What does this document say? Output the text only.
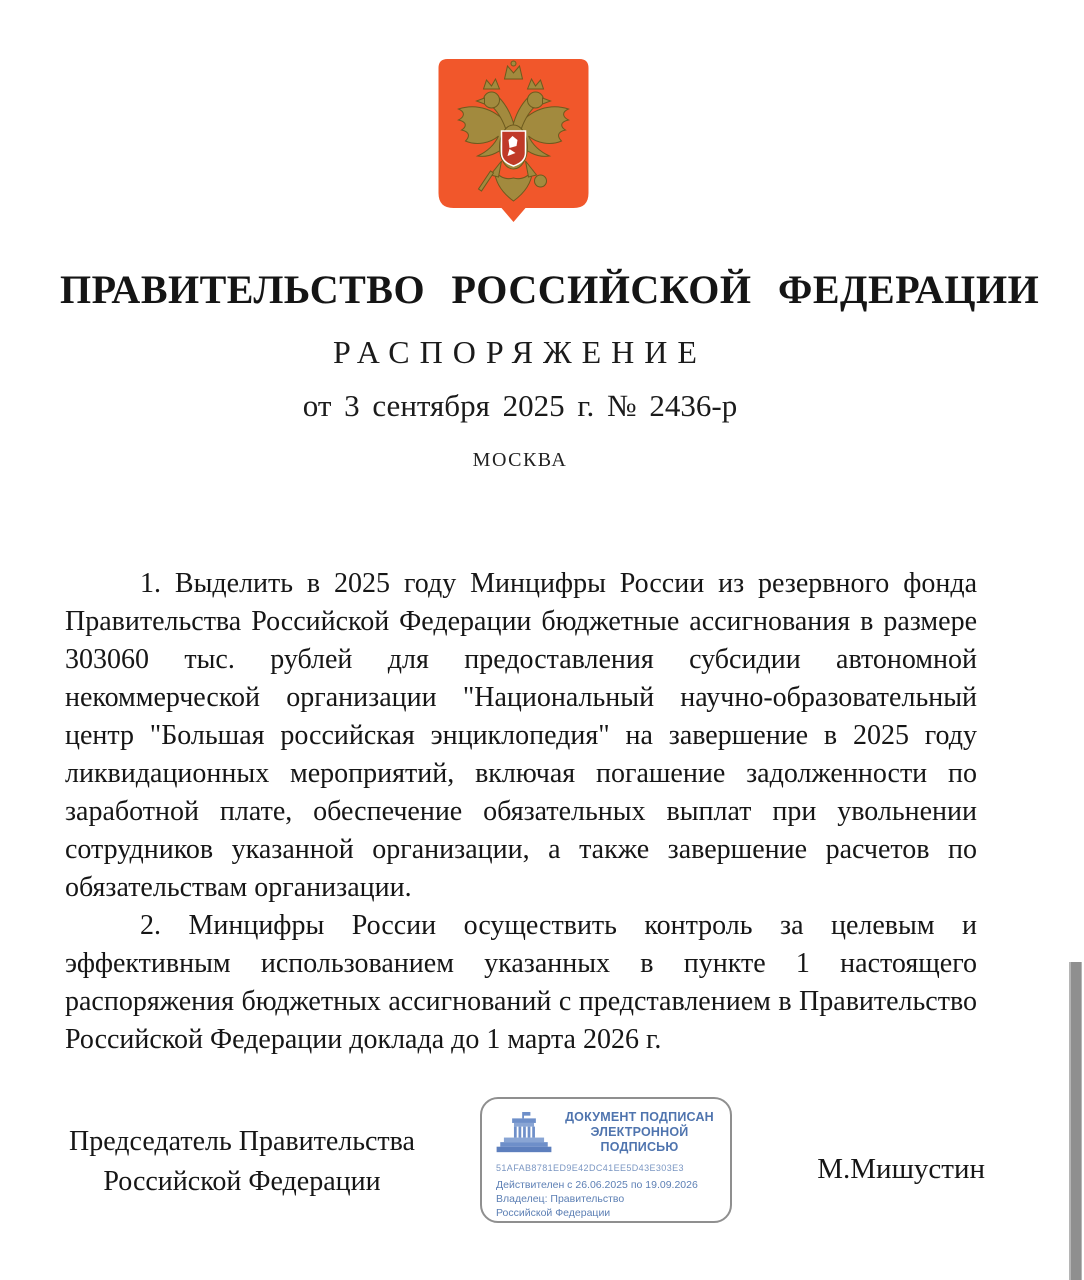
ПРАВИТЕЛЬСТВО РОССИЙСКОЙ ФЕДЕРАЦИИ
РАСПОРЯЖЕНИЕ
от 3 сентября 2025 г. № 2436-р
МОСКВА

1. Выделить в 2025 году Минцифры России из резервного фонда Правительства Российской Федерации бюджетные ассигнования в размере 303060 тыс. рублей для предоставления субсидии автономной некоммерческой организации "Национальный научно-образовательный центр "Большая российская энциклопедия" на завершение в 2025 году ликвидационных мероприятий, включая погашение задолженности по заработной плате, обеспечение обязательных выплат при увольнении сотрудников указанной организации, а также завершение расчетов по обязательствам организации.

2. Минцифры России осуществить контроль за целевым и эффективным использованием указанных в пункте 1 настоящего распоряжения бюджетных ассигнований с представлением в Правительство Российской Федерации доклада до 1 марта 2026 г.

Председатель Правительства
Российской Федерации
ДОКУМЕНТ ПОДПИСАН
ЭЛЕКТРОННОЙ ПОДПИСЬЮ
51AFAB8781ED9E42DC41EE5D43E303E3
Действителен с 26.06.2025 по 19.09.2026
Владелец: Правительство Российской Федерации
М.Мишустин
